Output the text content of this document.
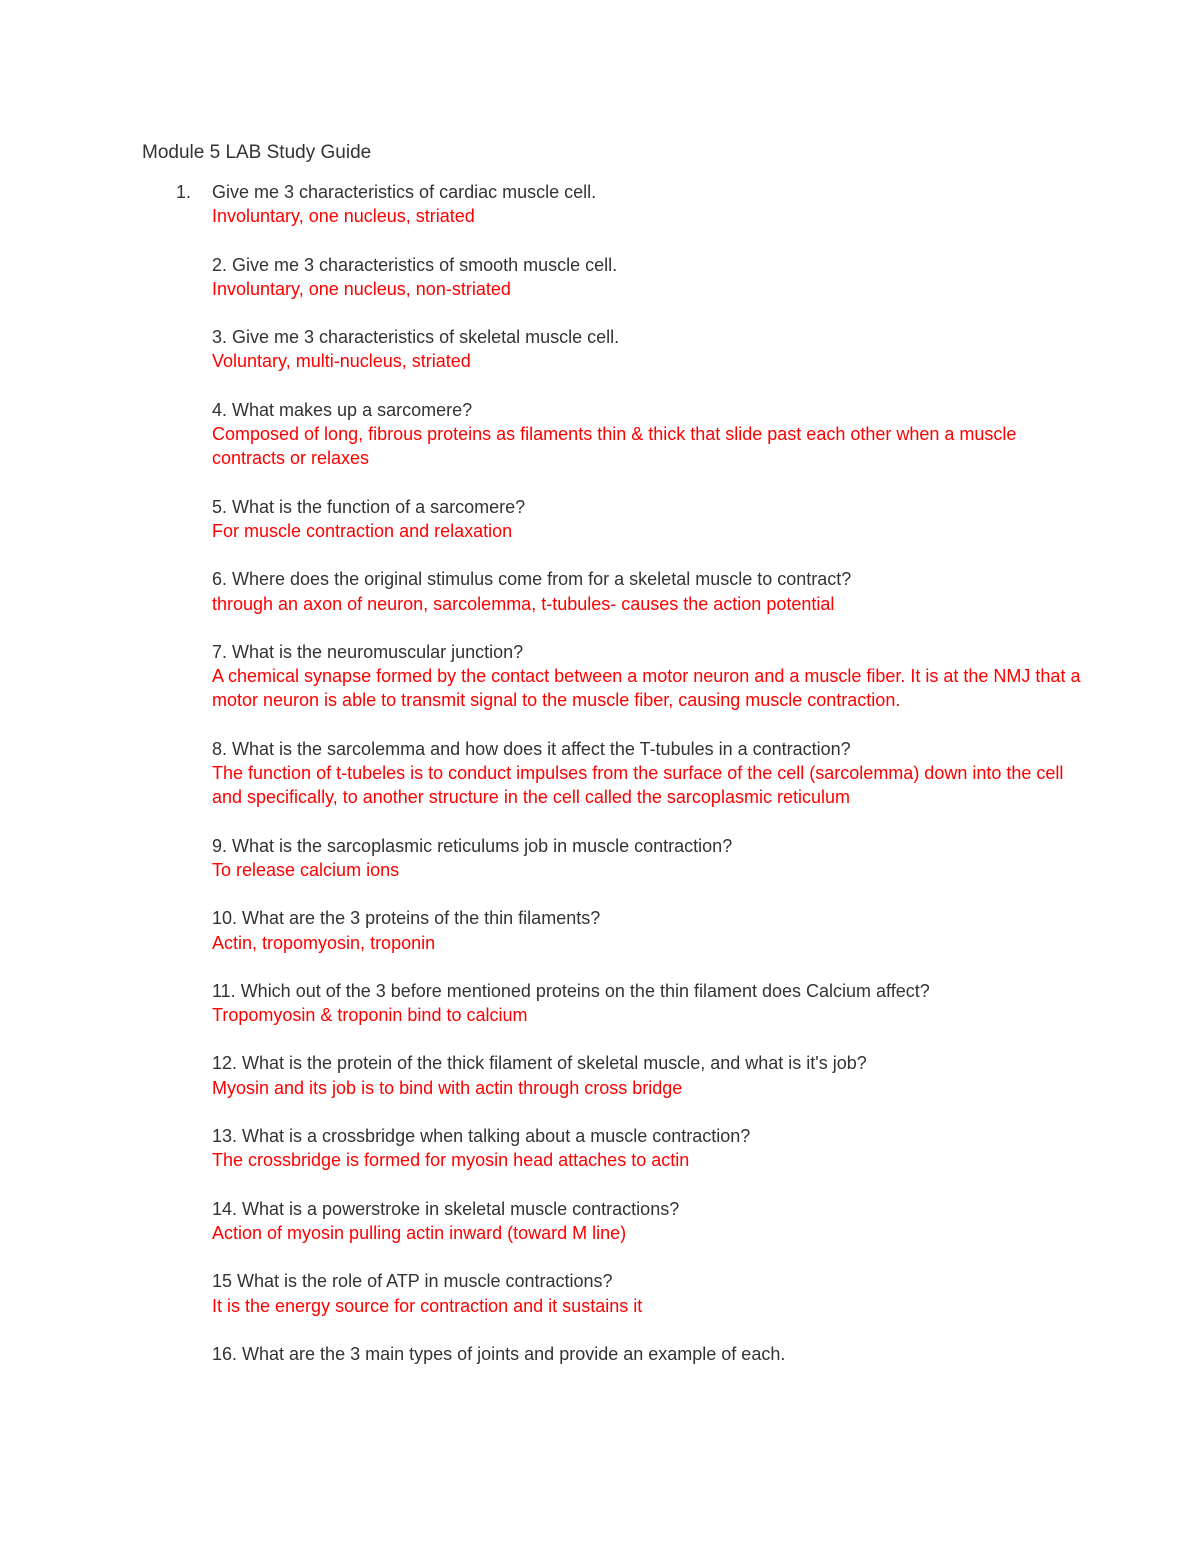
Module 5 LAB Study Guide
1. Give me 3 characteristics of cardiac muscle cell.
Involuntary, one nucleus, striated
2. Give me 3 characteristics of smooth muscle cell.
Involuntary, one nucleus, non-striated
3. Give me 3 characteristics of skeletal muscle cell.
Voluntary, multi-nucleus, striated
4. What makes up a sarcomere?
Composed of long, fibrous proteins as filaments thin & thick that slide past each other when a muscle contracts or relaxes
5. What is the function of a sarcomere?
For muscle contraction and relaxation
6. Where does the original stimulus come from for a skeletal muscle to contract?
through an axon of neuron, sarcolemma, t-tubules- causes the action potential
7. What is the neuromuscular junction?
A chemical synapse formed by the contact between a motor neuron and a muscle fiber. It is at the NMJ that a motor neuron is able to transmit signal to the muscle fiber, causing muscle contraction.
8. What is the sarcolemma and how does it affect the T-tubules in a contraction?
The function of t-tubeles is to conduct impulses from the surface of the cell (sarcolemma) down into the cell and specifically, to another structure in the cell called the sarcoplasmic reticulum
9. What is the sarcoplasmic reticulums job in muscle contraction?
To release calcium ions
10. What are the 3 proteins of the thin filaments?
Actin, tropomyosin, troponin
11. Which out of the 3 before mentioned proteins on the thin filament does Calcium affect?
Tropomyosin & troponin bind to calcium
12. What is the protein of the thick filament of skeletal muscle, and what is it's job?
Myosin and its job is to bind with actin through cross bridge
13. What is a crossbridge when talking about a muscle contraction?
The crossbridge is formed for myosin head attaches to actin
14. What is a powerstroke in skeletal muscle contractions?
Action of myosin pulling actin inward (toward M line)
15 What is the role of ATP in muscle contractions?
It is the energy source for contraction and it sustains it
16. What are the 3 main types of joints and provide an example of each.
